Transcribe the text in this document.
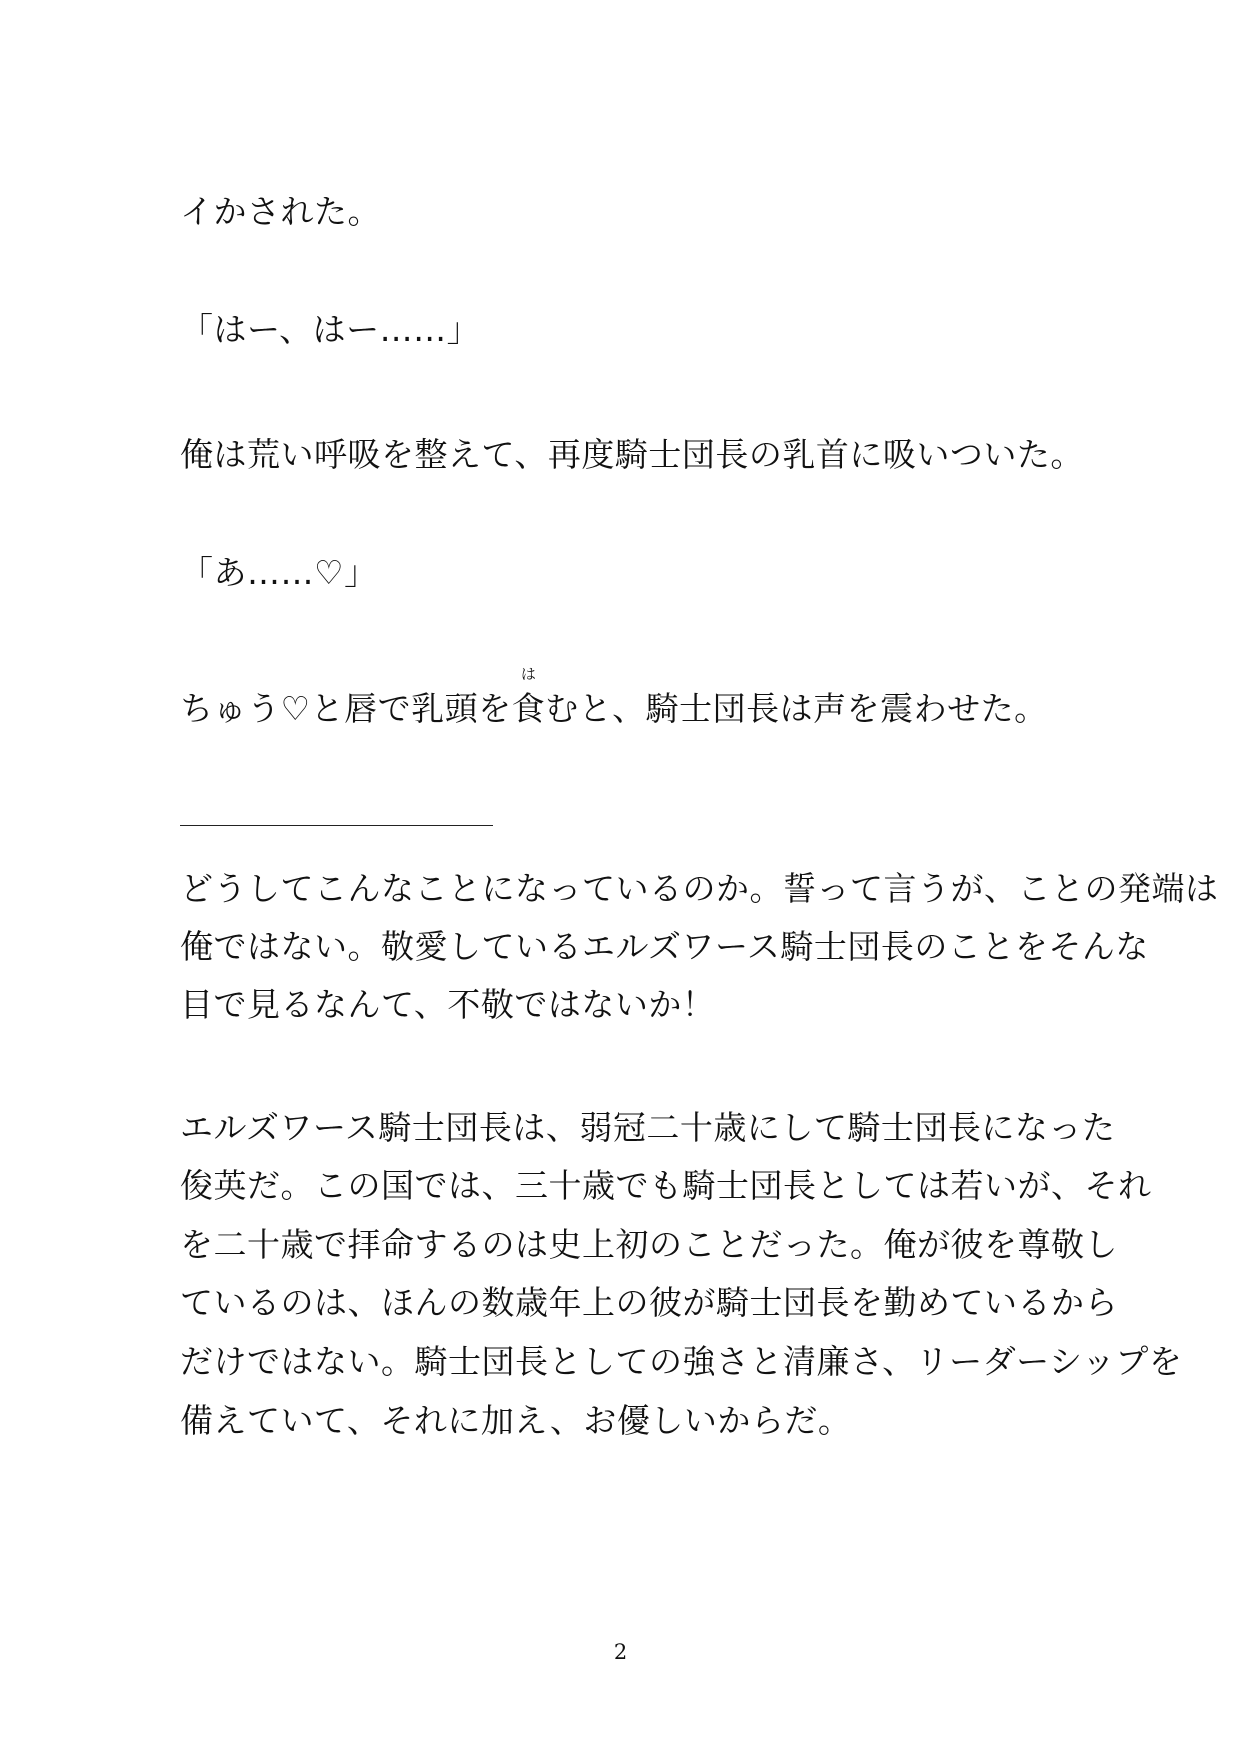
イかされた。

「はー、はー……」

俺は荒い呼吸を整えて、再度騎士団長の乳首に吸いついた。

「あ……♡」

ちゅう♡と唇で乳頭を食
は
むと、騎士団長は声を震わせた。

どうしてこんなことになっているのか。誓って言うが、ことの発端は

俺ではない。敬愛しているエルズワース騎士団長のことをそんな

目で見るなんて、不敬ではないか！

エルズワース騎士団長は、弱冠二十歳にして騎士団長になった

俊英だ。この国では、三十歳でも騎士団長としては若いが、それ

を二十歳で拝命するのは史上初のことだった。俺が彼を尊敬し

ているのは、ほんの数歳年上の彼が騎士団長を勤めているから

だけではない。騎士団長としての強さと清廉さ、リーダーシップを

備えていて、それに加え、お優しいからだ。

2
